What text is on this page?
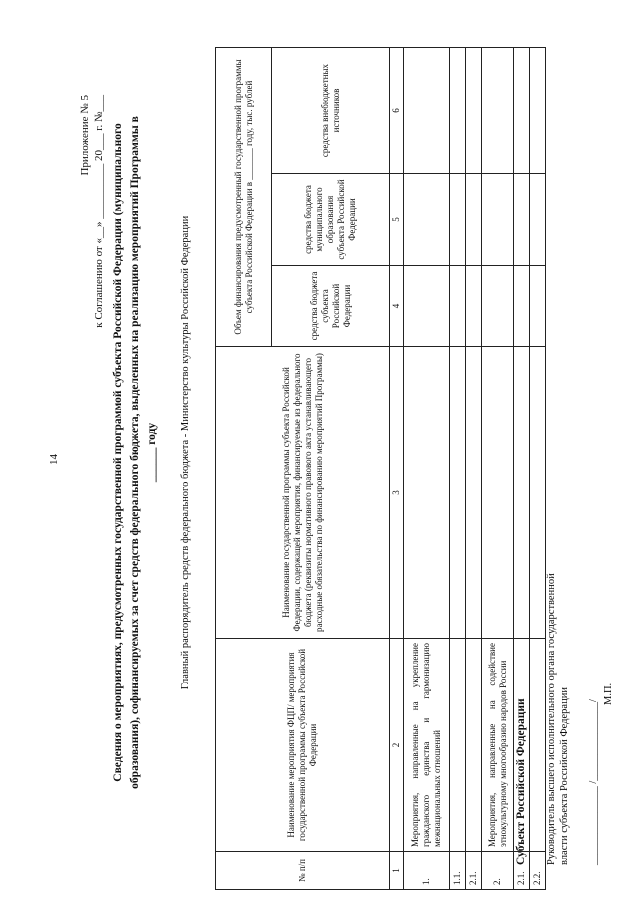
14
Приложение № 5 к Соглашению от «__» __________ 20___ г. №___ Сведения о мероприятиях, предусмотренных государственной программой субъекта Российской Федерации (муниципального образования), софинансируемых за счет средств федерального бюджета, выделенных на реализацию мероприятий Программы в ______ году Главный распорядитель средств федерального бюджета - Министерство культуры Российской Федерации
№ п/п	Наименование мероприятия ФЦП/ мероприятия государственной программы субъекта Российской Федерации	Наименование государственной программы субъекта Российской Федерации, содержащей мероприятия, финансируемые из федерального бюджета (реквизиты нормативного правового акта устанавливающего расходные обязательства по финансированию мероприятий Программы)	Объем финансирования предусмотренный государственной программы субъекта Российской Федерации в _______ году, тыс. рублей		
			средства бюджета субъекта Российской Федерации	средства бюджета муниципального образования субъекта Российской Федерации	средства внебюджетных источников
1	2	3	4	5	6
1.	Мероприятия, направленные на укрепление гражданского единства и гармонизацию межнациональных отношений				
1.1.					
2.1.					
2.	Мероприятия, направленные на содействие этнокультурному многообразию народов России				
2.1.					
2.2.					
Субъект Российской Федерации Руководитель высшего исполнительного органа государственной власти субъекта Российской Федерации _______________ /_______________/
М.П.
